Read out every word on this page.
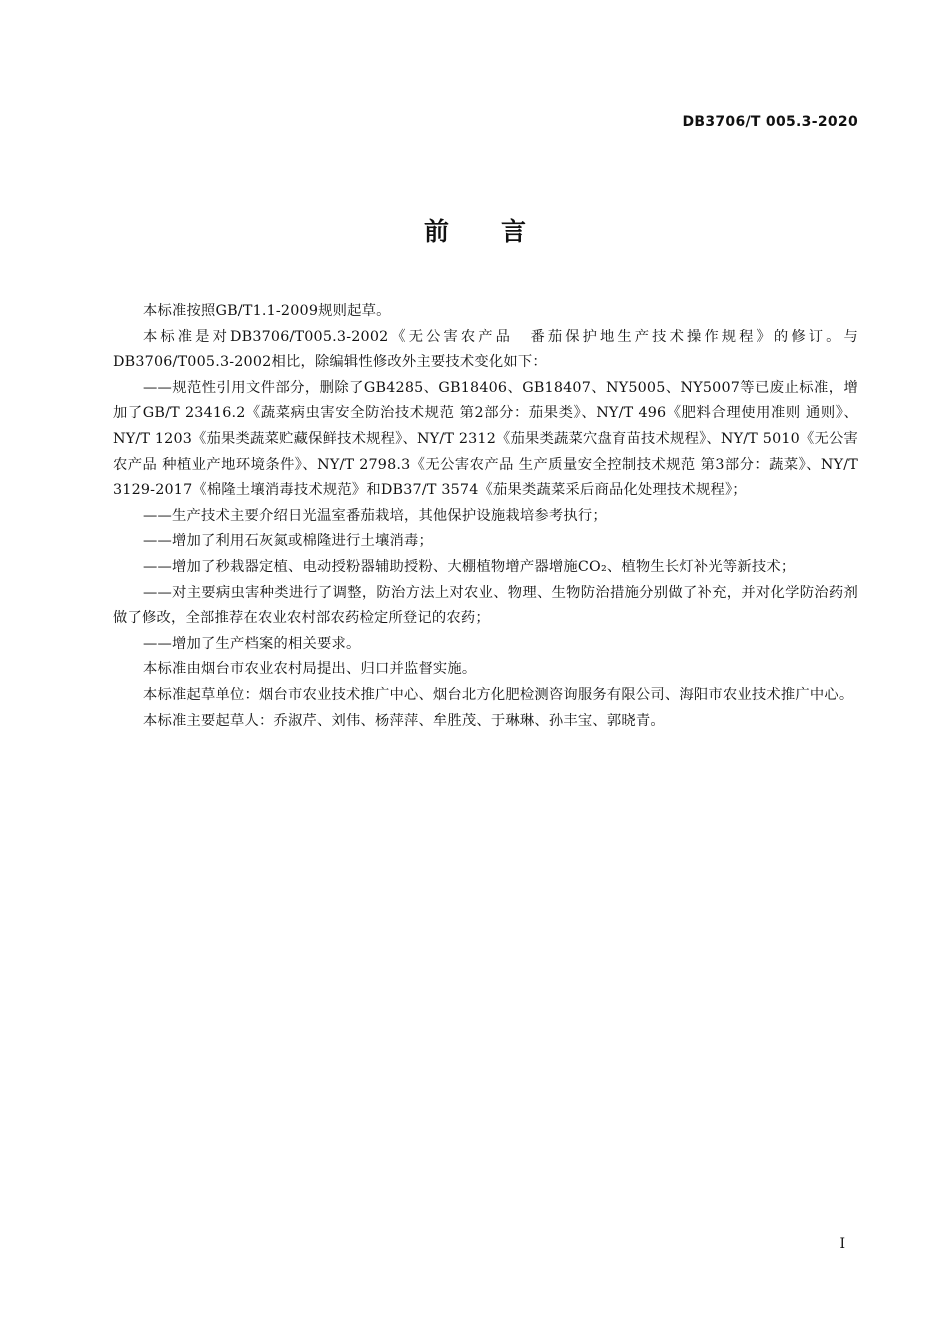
DB3706/T 005.3-2020
前言

本标准按照GB/T1.1-2009规则起草。

本标准是对DB3706/T005.3-2002《无公害农产品　番茄保护地生产技术操作规程》的修订。与DB3706/T005.3-2002相比，除编辑性修改外主要技术变化如下：

——规范性引用文件部分，删除了GB4285、GB18406、GB18407、NY5005、NY5007等已废止标准，增加了GB/T 23416.2《蔬菜病虫害安全防治技术规范 第2部分：茄果类》、NY/T 496《肥料合理使用准则 通则》、NY/T 1203《茄果类蔬菜贮藏保鲜技术规程》、NY/T 2312《茄果类蔬菜穴盘育苗技术规程》、NY/T 5010《无公害农产品 种植业产地环境条件》、NY/T 2798.3《无公害农产品 生产质量安全控制技术规范 第3部分：蔬菜》、NY/T 3129-2017《棉隆土壤消毒技术规范》和DB37/T 3574《茄果类蔬菜采后商品化处理技术规程》；

——生产技术主要介绍日光温室番茄栽培，其他保护设施栽培参考执行；

——增加了利用石灰氮或棉隆进行土壤消毒；

——增加了秒栽器定植、电动授粉器辅助授粉、大棚植物增产器增施CO₂、植物生长灯补光等新技术；

——对主要病虫害种类进行了调整，防治方法上对农业、物理、生物防治措施分别做了补充，并对化学防治药剂做了修改，全部推荐在农业农村部农药检定所登记的农药；

——增加了生产档案的相关要求。

本标准由烟台市农业农村局提出、归口并监督实施。

本标准起草单位：烟台市农业技术推广中心、烟台北方化肥检测咨询服务有限公司、海阳市农业技术推广中心。

本标准主要起草人：乔淑芹、刘伟、杨萍萍、牟胜茂、于琳琳、孙丰宝、郭晓青。

I
